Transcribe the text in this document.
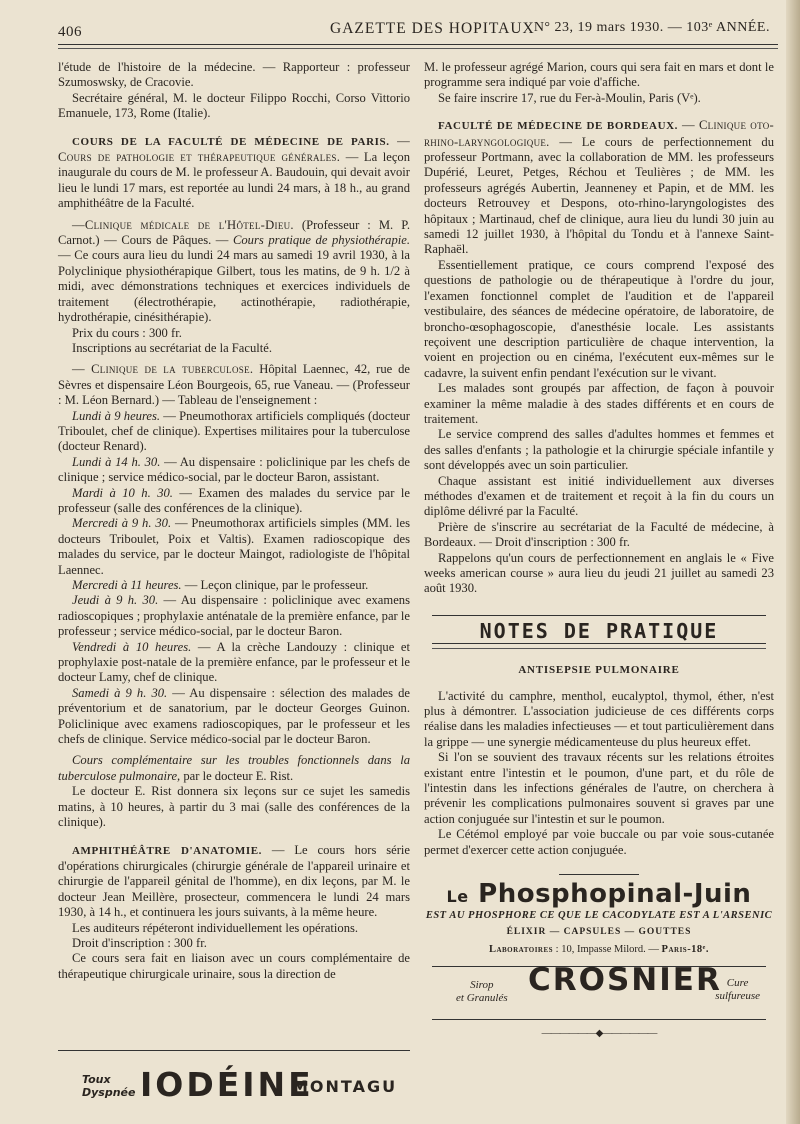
406	GAZETTE DES HOPITAUX N° 23, 19 mars 1930. — 103ᵉ ANNÉE.

l'étude de l'histoire de la médecine. — Rapporteur : professeur Szumoswsky, de Cracovie.

Secrétaire général, M. le docteur Filippo Rocchi, Corso Vittorio Emanuele, 173, Rome (Italie).

COURS DE LA FACULTÉ DE MÉDECINE DE PARIS. — Cours de pathologie et thérapeutique générales. — La leçon inaugurale du cours de M. le professeur A. Baudouin, qui devait avoir lieu le lundi 17 mars, est reportée au lundi 24 mars, à 18 h., au grand amphithéâtre de la Faculté.

—Clinique médicale de l'Hôtel-Dieu. (Professeur : M. P. Carnot.) — Cours de Pâques. — Cours pratique de physiothérapie. — Ce cours aura lieu du lundi 24 mars au samedi 19 avril 1930, à la Polyclinique physiothérapique Gilbert, tous les matins, de 9 h. 1/2 à midi, avec démonstrations techniques et exercices individuels de traitement (électrothérapie, actinothérapie, radiothérapie, hydrothérapie, cinésithérapie).

Prix du cours : 300 fr.

Inscriptions au secrétariat de la Faculté.

— Clinique de la tuberculose. Hôpital Laennec, 42, rue de Sèvres et dispensaire Léon Bourgeois, 65, rue Vaneau. — (Professeur : M. Léon Bernard.) — Tableau de l'enseignement :

Lundi à 9 heures. — Pneumothorax artificiels compliqués (docteur Triboulet, chef de clinique). Expertises militaires pour la tuberculose (docteur Renard).

Lundi à 14 h. 30. — Au dispensaire : policlinique par les chefs de clinique ; service médico-social, par le docteur Baron, assistant.

Mardi à 10 h. 30. — Examen des malades du service par le professeur (salle des conférences de la clinique).

Mercredi à 9 h. 30. — Pneumothorax artificiels simples (MM. les docteurs Triboulet, Poix et Valtis). Examen radioscopique des malades du service, par le docteur Maingot, radiologiste de l'hôpital Laennec.

Mercredi à 11 heures. — Leçon clinique, par le professeur.

Jeudi à 9 h. 30. — Au dispensaire : policlinique avec examens radioscopiques ; prophylaxie anténatale de la première enfance, par le professeur ; service médico-social, par le docteur Baron.

Vendredi à 10 heures. — A la crèche Landouzy : clinique et prophylaxie post-natale de la première enfance, par le professeur et le docteur Lamy, chef de clinique.

Samedi à 9 h. 30. — Au dispensaire : sélection des malades de préventorium et de sanatorium, par le docteur Georges Guinon. Policlinique avec examens radioscopiques, par le professeur et les chefs de clinique. Service médico-social par le docteur Baron.

Cours complémentaire sur les troubles fonctionnels dans la tuberculose pulmonaire, par le docteur E. Rist.

Le docteur E. Rist donnera six leçons sur ce sujet les samedis matins, à 10 heures, à partir du 3 mai (salle des conférences de la clinique).

AMPHITHÉÂTRE D'ANATOMIE. — Le cours hors série d'opérations chirurgicales (chirurgie générale de l'appareil urinaire et chirurgie de l'appareil génital de l'homme), en dix leçons, par M. le docteur Jean Meillère, prosecteur, commencera le lundi 24 mars 1930, à 14 h., et continuera les jours suivants, à la même heure.

Les auditeurs répéteront individuellement les opérations.

Droit d'inscription : 300 fr.

Ce cours sera fait en liaison avec un cours complémentaire de thérapeutique chirurgicale urinaire, sous la direction de

Toux
Dyspnée IODÉINE
MONTAGU

M. le professeur agrégé Marion, cours qui sera fait en mars et dont le programme sera indiqué par voie d'affiche.

Se faire inscrire 17, rue du Fer-à-Moulin, Paris (Vᵉ).

FACULTÉ DE MÉDECINE DE BORDEAUX. — Clinique oto-rhino-laryngologique. — Le cours de perfectionnement du professeur Portmann, avec la collaboration de MM. les professeurs Dupérié, Leuret, Petges, Réchou et Teulières ; de MM. les professeurs agrégés Aubertin, Jeanneney et Papin, et de MM. les docteurs Retrouvey et Despons, oto-rhino-laryngologistes des hôpitaux ; Martinaud, chef de clinique, aura lieu du lundi 30 juin au samedi 12 juillet 1930, à l'hôpital du Tondu et à l'annexe Saint-Raphaël.

Essentiellement pratique, ce cours comprend l'exposé des questions de pathologie ou de thérapeutique à l'ordre du jour, l'examen fonctionnel complet de l'audition et de l'appareil vestibulaire, des séances de médecine opératoire, de laboratoire, de broncho-œsophagoscopie, d'anesthésie locale. Les assistants reçoivent une description particulière de chaque intervention, la voient en projection ou en cinéma, l'exécutent eux-mêmes sur le cadavre, la suivent enfin pendant l'exécution sur le vivant.

Les malades sont groupés par affection, de façon à pouvoir examiner la même maladie à des stades différents et en cours de traitement.

Le service comprend des salles d'adultes hommes et femmes et des salles d'enfants ; la pathologie et la chirurgie spéciale infantile y sont développés avec un soin particulier.

Chaque assistant est initié individuellement aux diverses méthodes d'examen et de traitement et reçoit à la fin du cours un diplôme délivré par la Faculté.

Prière de s'inscrire au secrétariat de la Faculté de médecine, à Bordeaux. — Droit d'inscription : 300 fr.

Rappelons qu'un cours de perfectionnement en anglais le « Five weeks american course » aura lieu du jeudi 21 juillet au samedi 23 août 1930.

NOTES DE PRATIQUE
ANTISEPSIE PULMONAIRE

L'activité du camphre, menthol, eucalyptol, thymol, éther, n'est plus à démontrer. L'association judicieuse de ces différents corps réalise dans les maladies infectieuses — et tout particulièrement dans la grippe — une synergie médicamenteuse du plus heureux effet.

Si l'on se souvient des travaux récents sur les relations étroites existant entre l'intestin et le poumon, d'une part, et du rôle de l'intestin dans les infections générales de l'autre, on cherchera à prévenir les complications pulmonaires souvent si graves par une action conjuguée sur l'intestin et sur le poumon.

Le Cétémol employé par voie buccale ou par voie sous-cutanée permet d'exercer cette action conjuguée.

Le Phosphopinal-Juin
EST AU PHOSPHORE CE QUE LE CACODYLATE EST A L'ARSENIC
ÉLIXIR — CAPSULES — GOUTTES
Laboratoires : 10, Impasse Milord. — Paris-18ᵉ.
Sirop
et Granulés CROSNIER Cure
sulfureuse
——————◆——————
